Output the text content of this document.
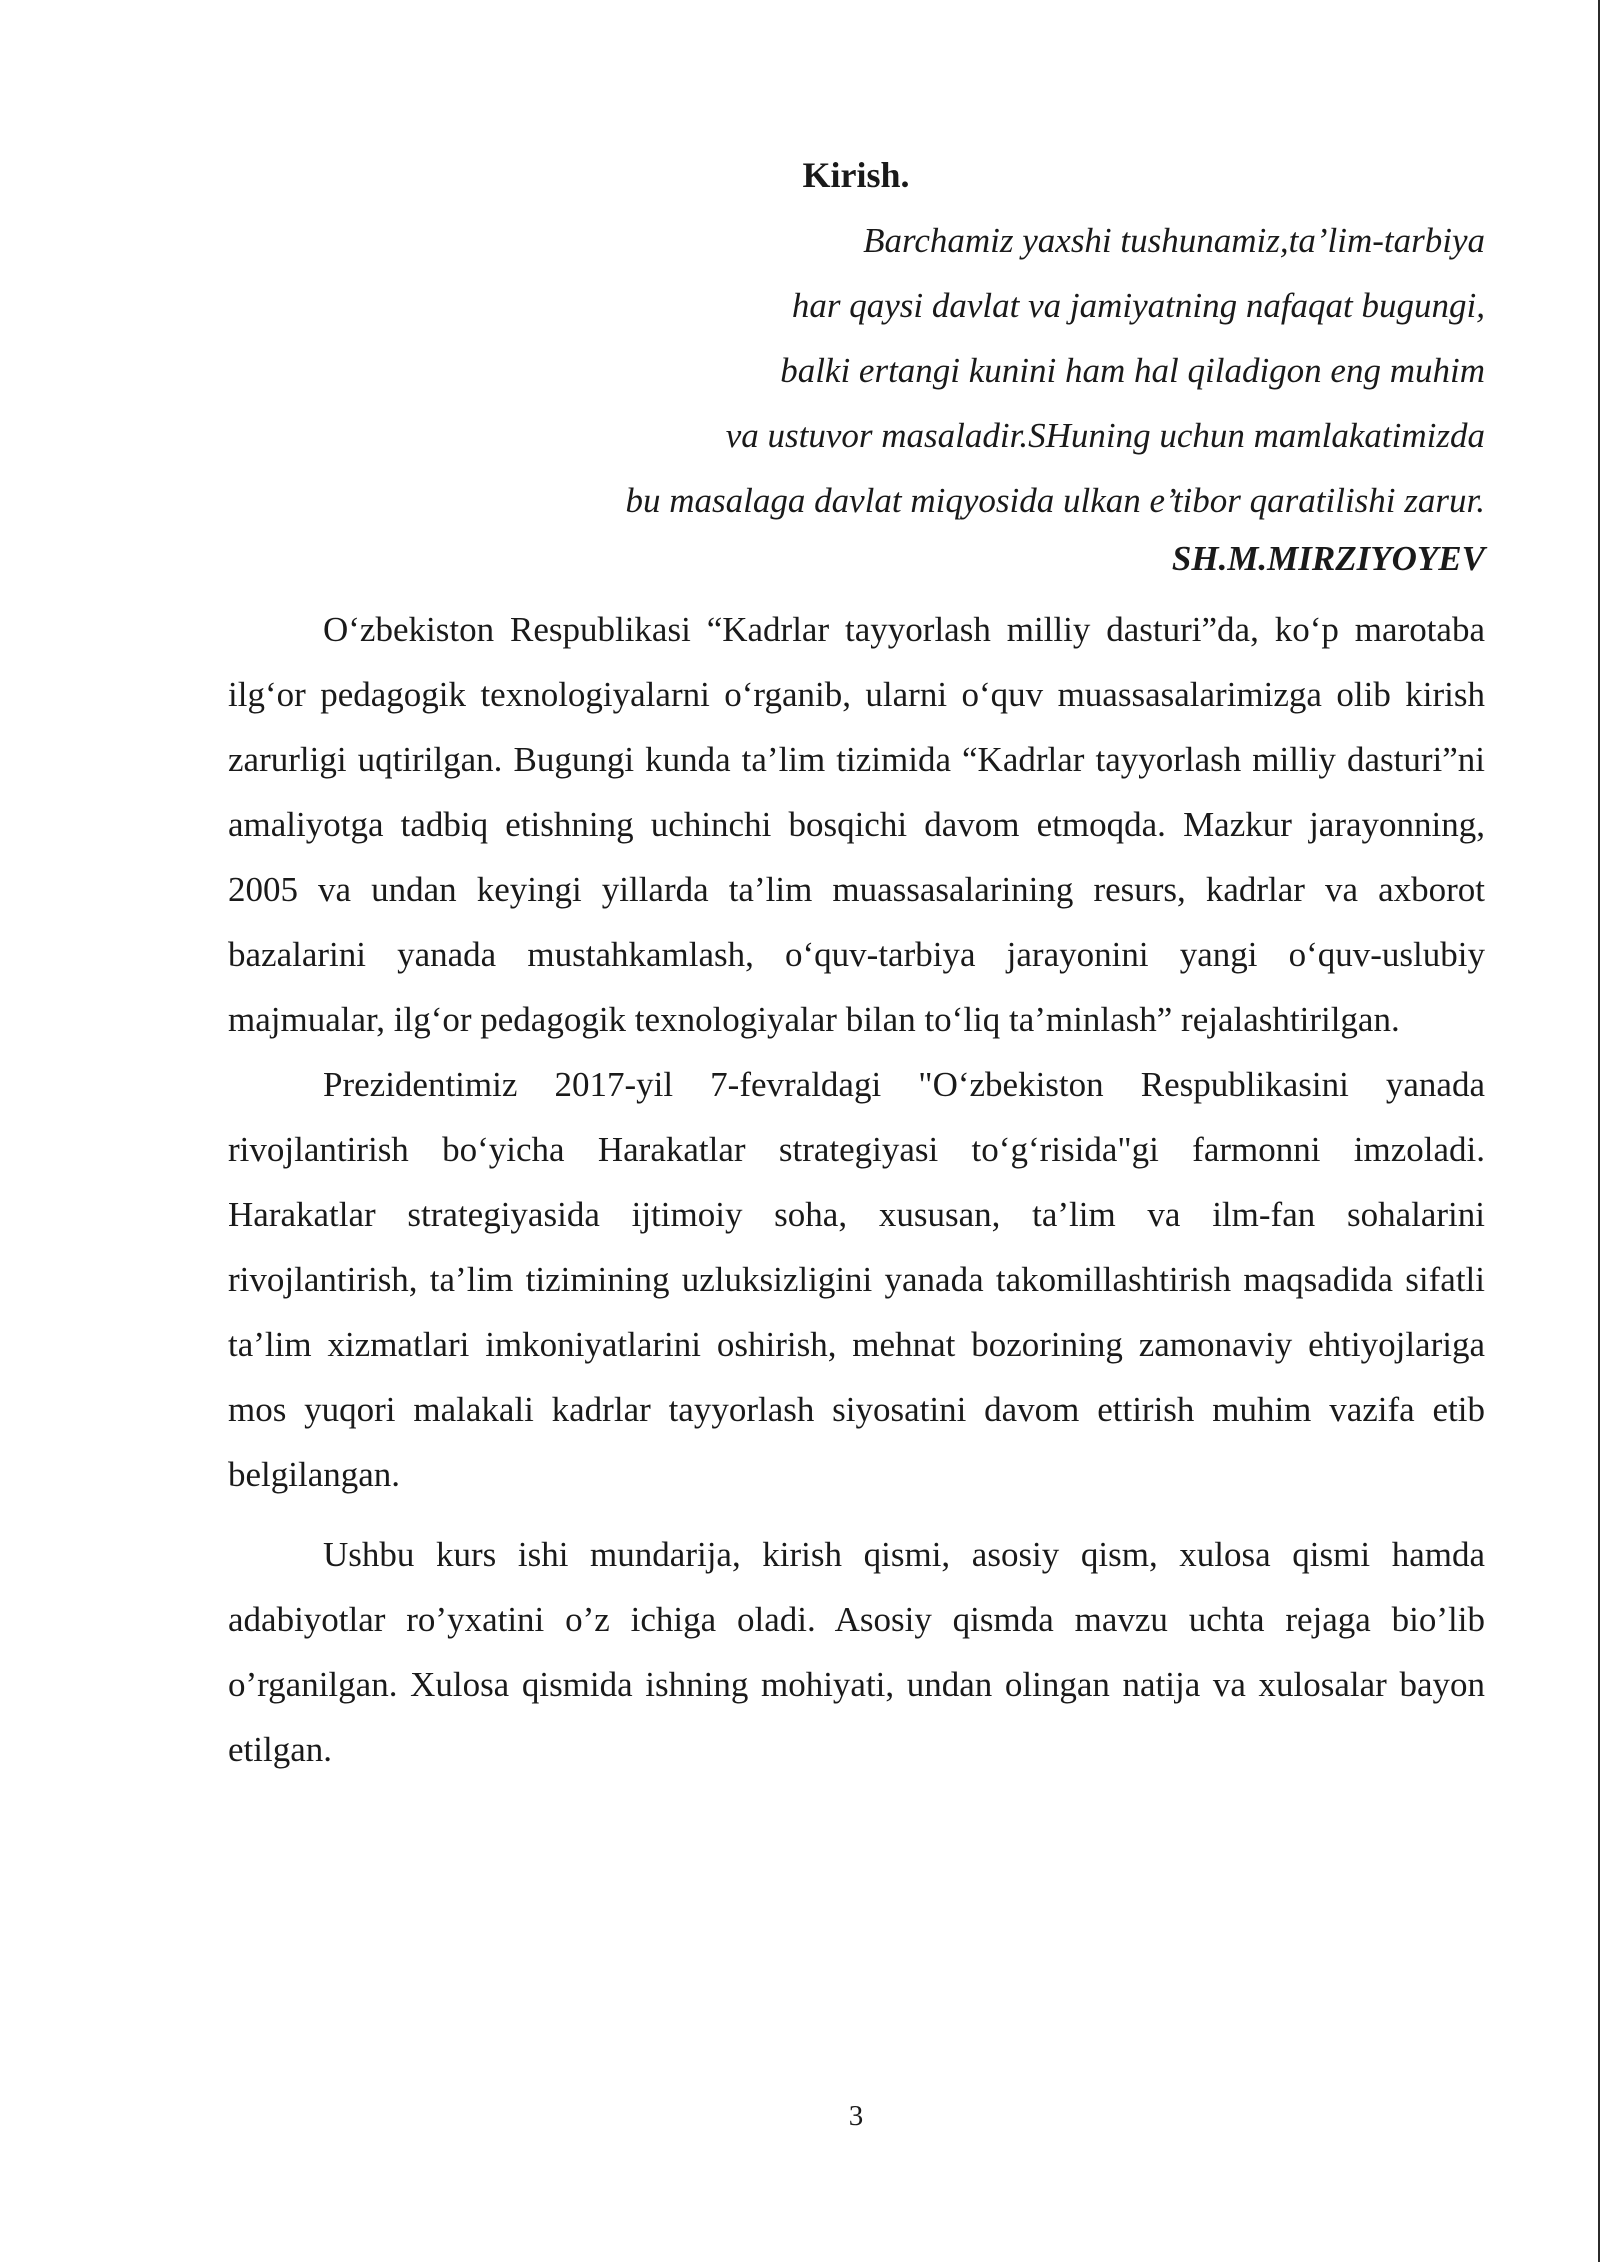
Kirish.
Barchamiz yaxshi tushunamiz,ta’lim-tarbiya
har qaysi davlat va jamiyatning nafaqat bugungi,
balki ertangi kunini ham hal qiladigon eng muhim
va ustuvor masaladir.SHuning uchun mamlakatimizda
bu masalaga davlat miqyosida ulkan e’tibor qaratilishi zarur.
SH.M.MIRZIYOYEV

O‘zbekiston Respublikasi “Kadrlar tayyorlash milliy dasturi”da, ko‘p marotaba ilg‘or pedagogik texnologiyalarni o‘rganib, ularni o‘quv muassasalarimizga olib kirish zarurligi uqtirilgan. Bugungi kunda ta’lim tizimida “Kadrlar tayyorlash milliy dasturi”ni amaliyotga tadbiq etishning uchinchi bosqichi davom etmoqda. Mazkur jarayonning, 2005 va undan keyingi yillarda ta’lim muassasalarining resurs, kadrlar va axborot bazalarini yanada mustahkamlash, o‘quv-tarbiya jarayonini yangi o‘quv-uslubiy majmualar, ilg‘or pedagogik texnologiyalar bilan to‘liq ta’minlash” rejalashtirilgan.

Prezidentimiz 2017-yil 7-fevraldagi "O‘zbekiston Respublikasini yanada rivojlantirish bo‘yicha Harakatlar strategiyasi to‘g‘risida"gi farmonni imzoladi. Harakatlar strategiyasida ijtimoiy soha, xususan, ta’lim va ilm-fan sohalarini rivojlantirish, ta’lim tizimining uzluksizligini yanada takomillashtirish maqsadida sifatli ta’lim xizmatlari imkoniyatlarini oshirish, mehnat bozorining zamonaviy ehtiyojlariga mos yuqori malakali kadrlar tayyorlash siyosatini davom ettirish muhim vazifa etib belgilangan.

Ushbu kurs ishi mundarija, kirish qismi, asosiy qism, xulosa qismi hamda adabiyotlar ro’yxatini o’z ichiga oladi. Asosiy qismda mavzu uchta rejaga bio’lib o’rganilgan. Xulosa qismida ishning mohiyati, undan olingan natija va xulosalar bayon etilgan.

3
